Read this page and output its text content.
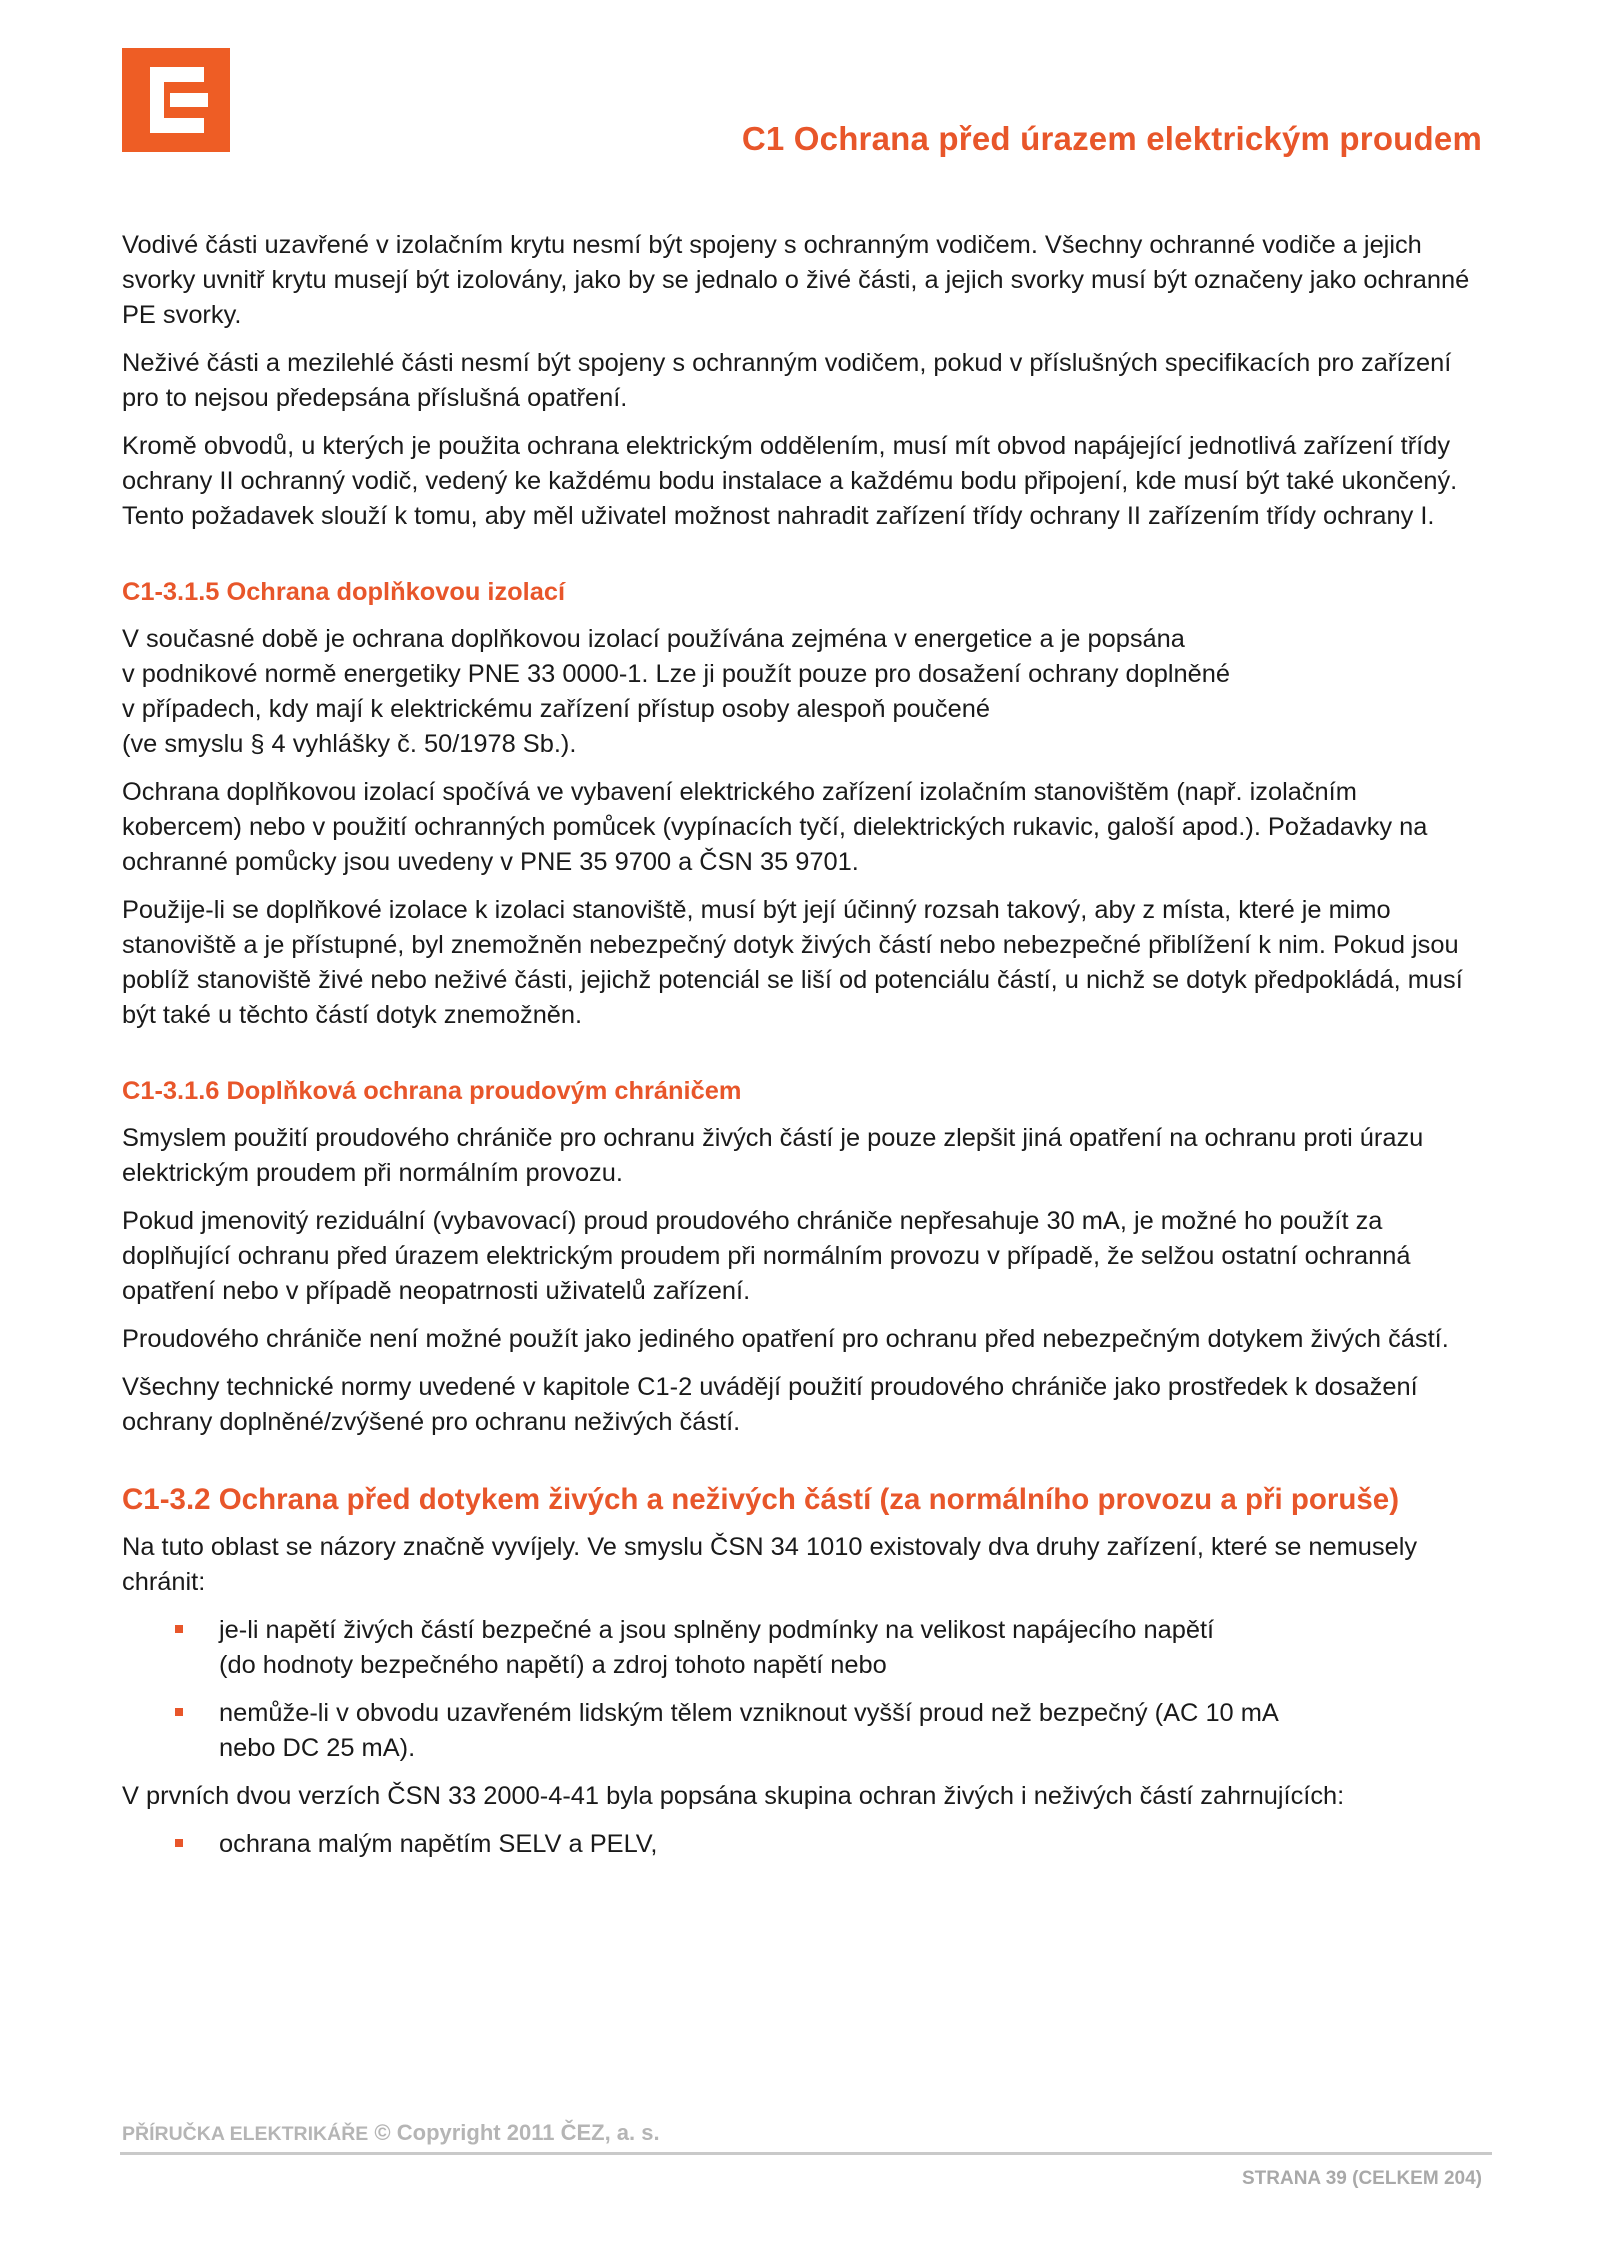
C1 Ochrana před úrazem elektrickým proudem

Vodivé části uzavřené v izolačním krytu nesmí být spojeny s ochranným vodičem. Všechny ochranné vodiče a jejich svorky uvnitř krytu musejí být izolovány, jako by se jednalo o živé části, a jejich svorky musí být označeny jako ochranné PE svorky.

Neživé části a mezilehlé části nesmí být spojeny s ochranným vodičem, pokud v příslušných specifikacích pro zařízení pro to nejsou předepsána příslušná opatření.

Kromě obvodů, u kterých je použita ochrana elektrickým oddělením, musí mít obvod napájející jednotlivá zařízení třídy ochrany II ochranný vodič, vedený ke každému bodu instalace a každému bodu připojení, kde musí být také ukončený. Tento požadavek slouží k tomu, aby měl uživatel možnost nahradit zařízení třídy ochrany II zařízením třídy ochrany I.

C1-3.1.5 Ochrana doplňkovou izolací

V současné době je ochrana doplňkovou izolací používána zejména v energetice a je popsána
v podnikové normě energetiky PNE 33 0000-1. Lze ji použít pouze pro dosažení ochrany doplněné
v případech, kdy mají k elektrickému zařízení přístup osoby alespoň poučené
(ve smyslu § 4 vyhlášky č. 50/1978 Sb.).

Ochrana doplňkovou izolací spočívá ve vybavení elektrického zařízení izolačním stanovištěm (např. izolačním kobercem) nebo v použití ochranných pomůcek (vypínacích tyčí, dielektrických rukavic, galoší apod.). Požadavky na ochranné pomůcky jsou uvedeny v PNE 35 9700 a ČSN 35 9701.

Použije-li se doplňkové izolace k izolaci stanoviště, musí být její účinný rozsah takový, aby z místa, které je mimo stanoviště a je přístupné, byl znemožněn nebezpečný dotyk živých částí nebo nebezpečné přiblížení k nim. Pokud jsou poblíž stanoviště živé nebo neživé části, jejichž potenciál se liší od potenciálu částí, u nichž se dotyk předpokládá, musí být také u těchto částí dotyk znemožněn.

C1-3.1.6 Doplňková ochrana proudovým chráničem

Smyslem použití proudového chrániče pro ochranu živých částí je pouze zlepšit jiná opatření na ochranu proti úrazu elektrickým proudem při normálním provozu.

Pokud jmenovitý reziduální (vybavovací) proud proudového chrániče nepřesahuje 30 mA, je možné ho použít za doplňující ochranu před úrazem elektrickým proudem při normálním provozu v případě, že selžou ostatní ochranná opatření nebo v případě neopatrnosti uživatelů zařízení.

Proudového chrániče není možné použít jako jediného opatření pro ochranu před nebezpečným dotykem živých částí.

Všechny technické normy uvedené v kapitole C1-2 uvádějí použití proudového chrániče jako prostředek k dosažení ochrany doplněné/zvýšené pro ochranu neživých částí.

C1-3.2 Ochrana před dotykem živých a neživých částí (za normálního provozu a při poruše)

Na tuto oblast se názory značně vyvíjely. Ve smyslu ČSN 34 1010 existovaly dva druhy zařízení, které se nemusely chránit:

je-li napětí živých částí bezpečné a jsou splněny podmínky na velikost napájecího napětí
(do hodnoty bezpečného napětí) a zdroj tohoto napětí nebo
nemůže-li v obvodu uzavřeném lidským tělem vzniknout vyšší proud než bezpečný (AC 10 mA
nebo DC 25 mA).

V prvních dvou verzích ČSN 33 2000-4-41 byla popsána skupina ochran živých i neživých částí zahrnujících:

ochrana malým napětím SELV a PELV,
PŘÍRUČKA ELEKTRIKÁŘE © Copyright 2011 ČEZ, a. s.
STRANA 39 (CELKEM 204)
